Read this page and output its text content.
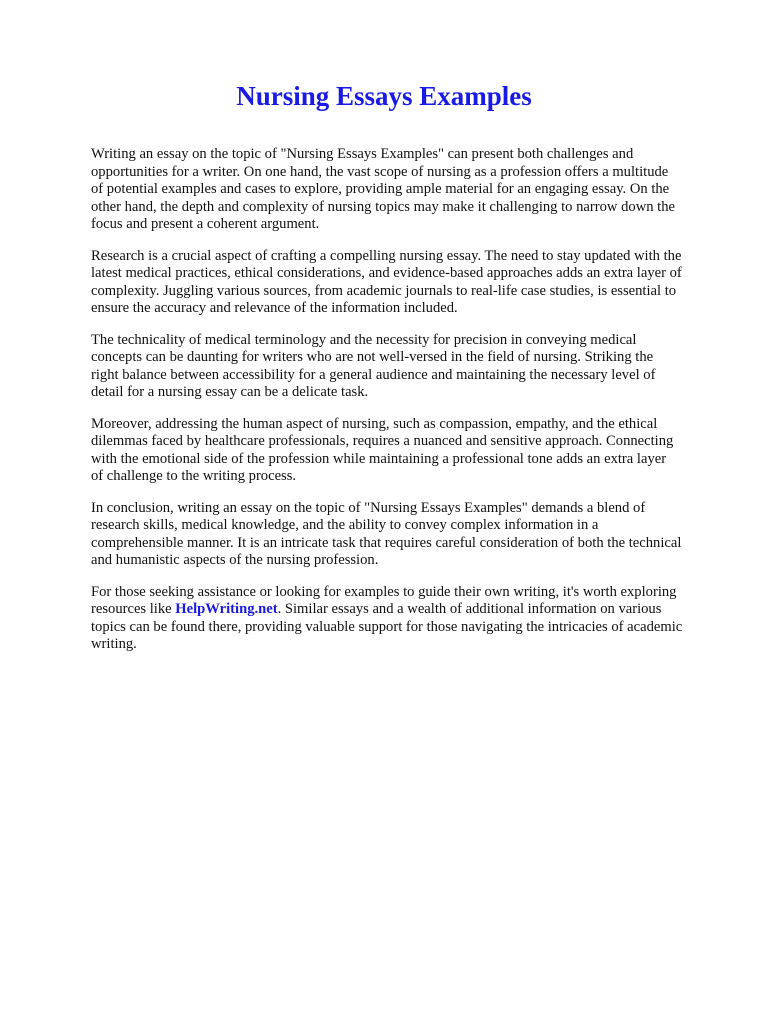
Nursing Essays Examples

Writing an essay on the topic of "Nursing Essays Examples" can present both challenges and
opportunities for a writer. On one hand, the vast scope of nursing as a profession offers a multitude
of potential examples and cases to explore, providing ample material for an engaging essay. On the
other hand, the depth and complexity of nursing topics may make it challenging to narrow down the
focus and present a coherent argument.

Research is a crucial aspect of crafting a compelling nursing essay. The need to stay updated with the
latest medical practices, ethical considerations, and evidence-based approaches adds an extra layer of
complexity. Juggling various sources, from academic journals to real-life case studies, is essential to
ensure the accuracy and relevance of the information included.

The technicality of medical terminology and the necessity for precision in conveying medical
concepts can be daunting for writers who are not well-versed in the field of nursing. Striking the
right balance between accessibility for a general audience and maintaining the necessary level of
detail for a nursing essay can be a delicate task.

Moreover, addressing the human aspect of nursing, such as compassion, empathy, and the ethical
dilemmas faced by healthcare professionals, requires a nuanced and sensitive approach. Connecting
with the emotional side of the profession while maintaining a professional tone adds an extra layer
of challenge to the writing process.

In conclusion, writing an essay on the topic of "Nursing Essays Examples" demands a blend of
research skills, medical knowledge, and the ability to convey complex information in a
comprehensible manner. It is an intricate task that requires careful consideration of both the technical
and humanistic aspects of the nursing profession.

For those seeking assistance or looking for examples to guide their own writing, it's worth exploring
resources like HelpWriting.net. Similar essays and a wealth of additional information on various
topics can be found there, providing valuable support for those navigating the intricacies of academic
writing.
